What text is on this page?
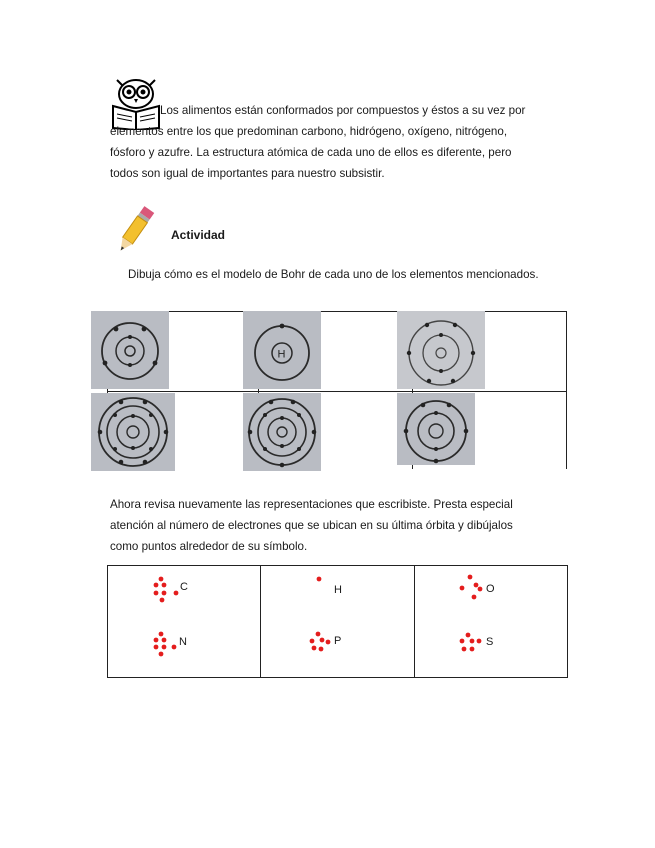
Los alimentos están conformados por compuestos y éstos a su vez por
elementos entre los que predominan carbono, hidrógeno, oxígeno, nitrógeno,
fósforo y azufre. La estructura atómica de cada uno de ellos es diferente, pero
todos son igual de importantes para nuestro subsistir.
Actividad
Dibuja cómo es el modelo de Bohr de cada uno de los elementos mencionados.
H
Ahora revisa nuevamente las representaciones que escribiste. Presta especial
atención al número de electrones que se ubican en su última órbita y dibújalos
como puntos alrededor de su símbolo.
C	H	O
N	P	S
